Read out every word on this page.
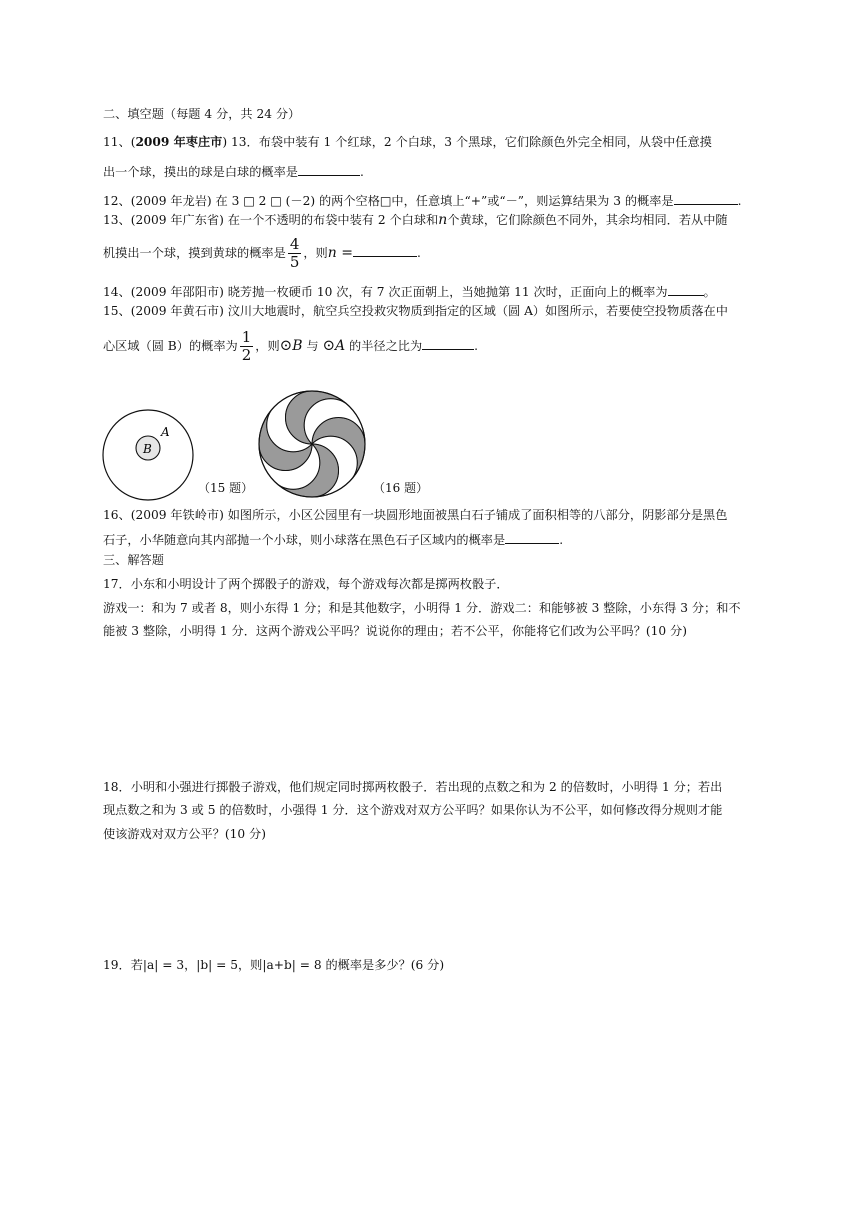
二、填空题（每题 4 分，共 24 分）
11、(2009 年枣庄市) 13．布袋中装有 1 个红球，2 个白球，3 个黑球，它们除颜色外完全相同，从袋中任意摸
出一个球，摸出的球是白球的概率是	.
12、(2009 年龙岩) 在 3 □ 2 □ (－2) 的两个空格□中，任意填上“+”或“－”，则运算结果为 3 的概率是	.
13、(2009 年广东省) 在一个不透明的布袋中装有 2 个白球和n个黄球，它们除颜色不同外，其余均相同．若从中随
机摸出一个球，摸到黄球的概率是 $\frac{4}{5}$ ，则n =	.
14、(2009 年邵阳市) 晓芳抛一枚硬币 10 次，有 7 次正面朝上，当她抛第 11 次时，正面向上的概率为	。
15、(2009 年黄石市) 汶川大地震时，航空兵空投救灾物质到指定的区域（圆 A）如图所示，若要使空投物质落在中
心区域（圆 B）的概率为 $\frac{1}{2}$ ，则⊙B 与 ⊙A 的半径之比为	.
B
A
（15 题）	（16 题）
16、(2009 年铁岭市) 如图所示，小区公园里有一块圆形地面被黑白石子铺成了面积相等的八部分，阴影部分是黑色
石子，小华随意向其内部抛一个小球，则小球落在黑色石子区域内的概率是	.
三、解答题
17．小东和小明设计了两个掷骰子的游戏，每个游戏每次都是掷两枚骰子．
游戏一：和为 7 或者 8，则小东得 1 分；和是其他数字，小明得 1 分．游戏二：和能够被 3 整除，小东得 3 分；和不
能被 3 整除，小明得 1 分．这两个游戏公平吗？说说你的理由；若不公平，你能将它们改为公平吗？(10 分)
18．小明和小强进行掷骰子游戏，他们规定同时掷两枚骰子．若出现的点数之和为 2 的倍数时，小明得 1 分；若出
现点数之和为 3 或 5 的倍数时，小强得 1 分．这个游戏对双方公平吗？如果你认为不公平，如何修改得分规则才能
使该游戏对双方公平？(10 分)
19．若|a| = 3，|b| = 5，则|a+b| = 8 的概率是多少？(6 分)
